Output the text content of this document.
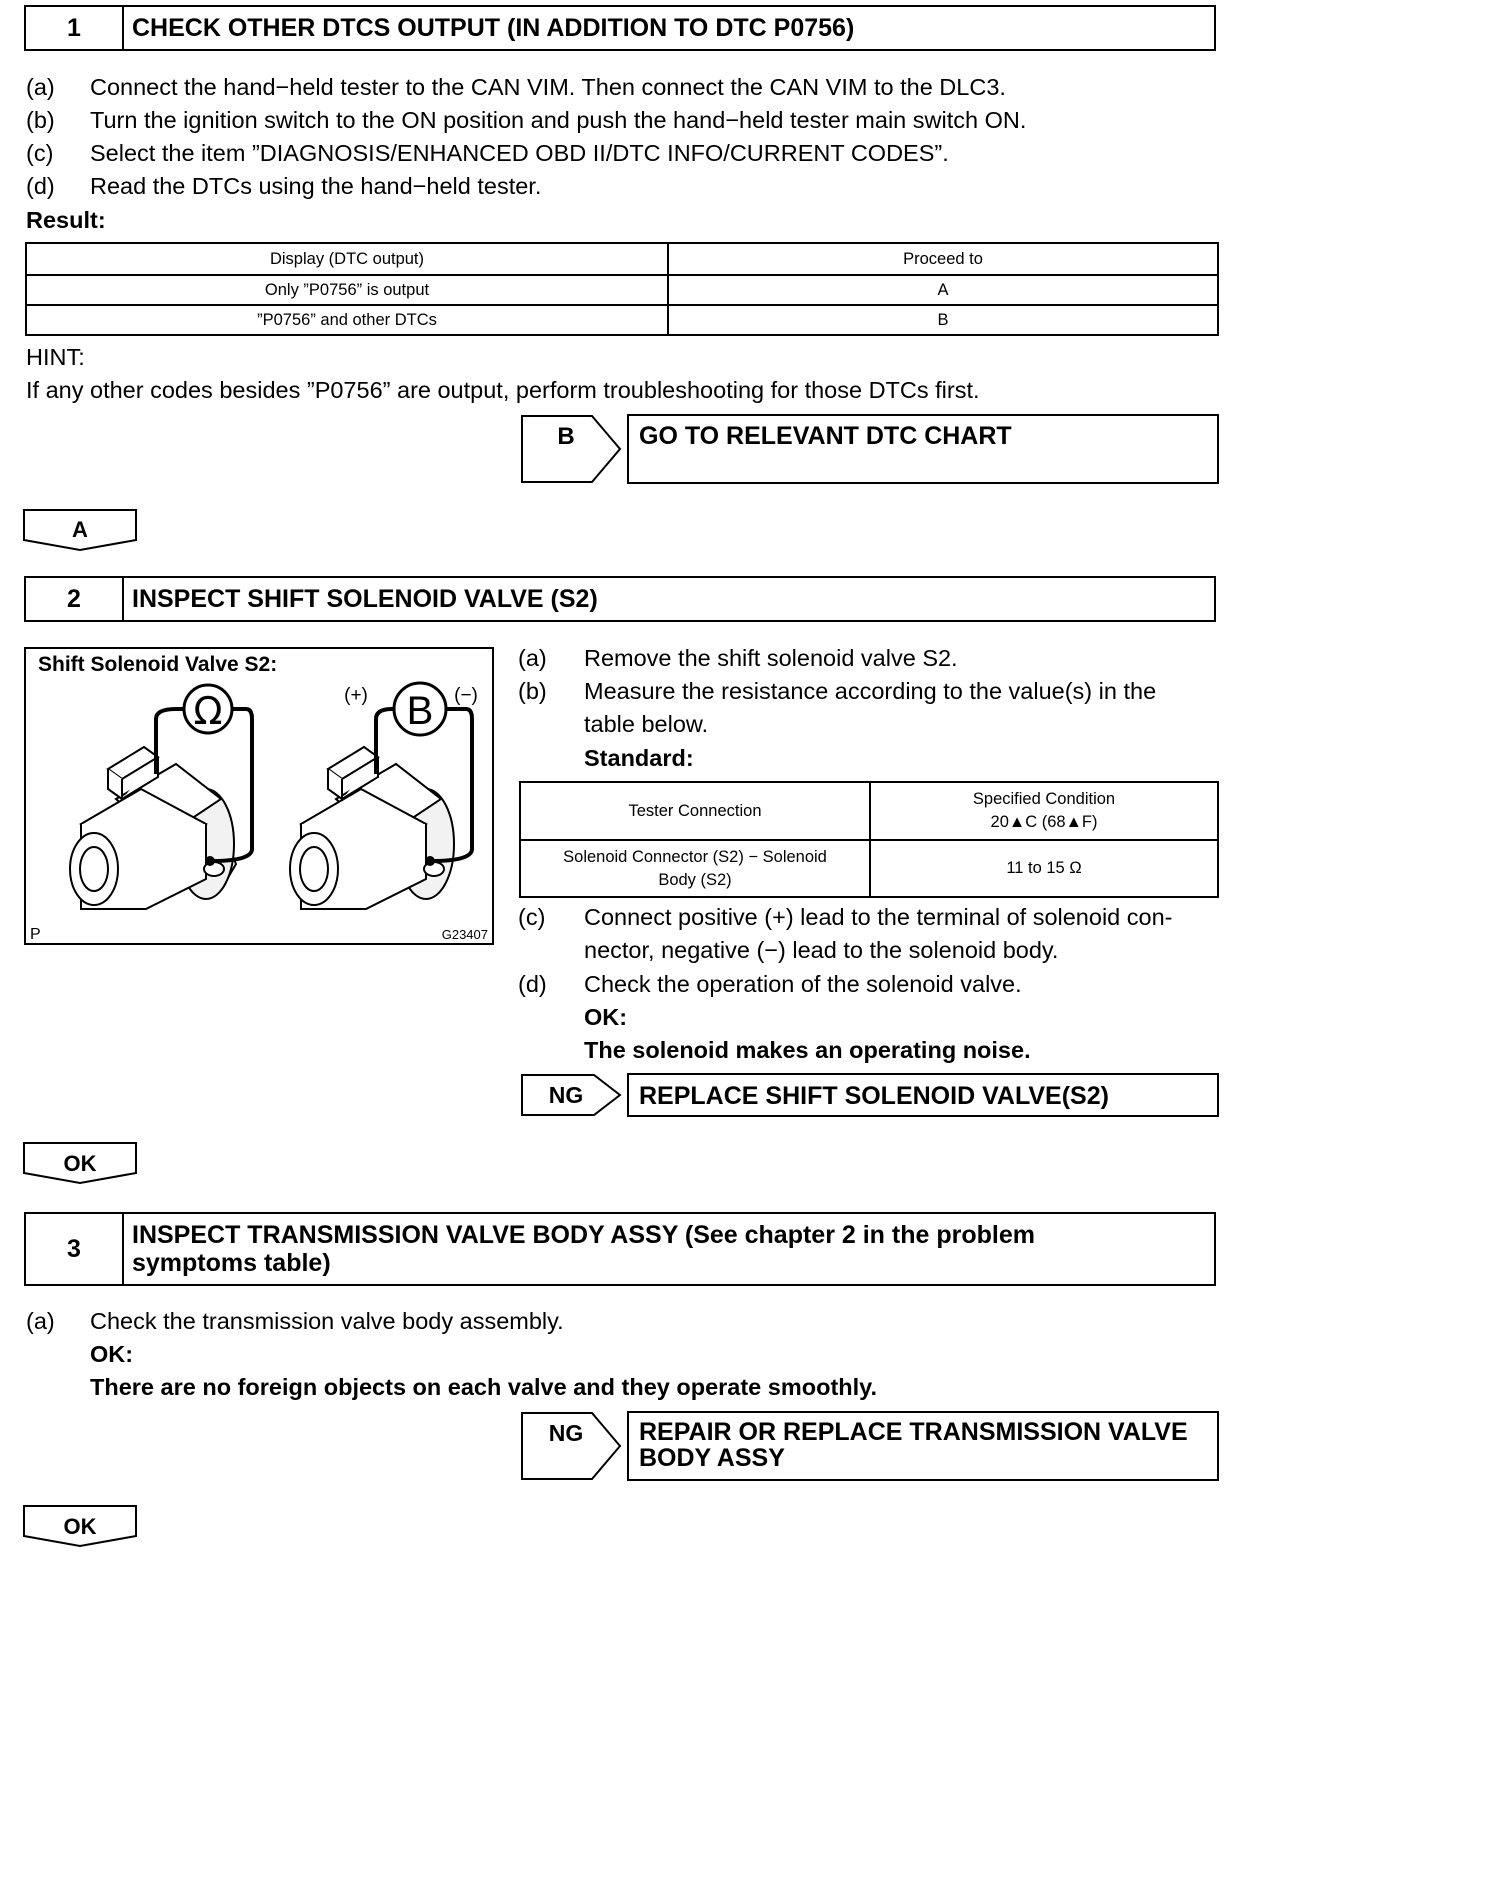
1	CHECK OTHER DTCS OUTPUT (IN ADDITION TO DTC P0756)
(a) Connect the hand−held tester to the CAN VIM. Then connect the CAN VIM to the DLC3.
(b) Turn the ignition switch to the ON position and push the hand−held tester main switch ON.
(c) Select the item ”DIAGNOSIS/ENHANCED OBD II/DTC INFO/CURRENT CODES”.
(d) Read the DTCs using the hand−held tester.
Result:
Display (DTC output)	Proceed to
Only ”P0756” is output	A
”P0756” and other DTCs	B
HINT:
If any other codes besides ”P0756” are output, perform troubleshooting for those DTCs first.
B	GO TO RELEVANT DTC CHART
A
2	INSPECT SHIFT SOLENOID VALVE (S2)
Shift Solenoid Valve S2:
Ω	B
(+)	(−)
P	G23407
(a) Remove the shift solenoid valve S2.
(b) Measure the resistance according to the value(s) in the
table below.
Standard:
Tester Connection	Specified Condition
20▲C (68▲F)

Solenoid Connector (S2) − Solenoid
Body (S2)	11 to 15 Ω
(c) Connect positive (+) lead to the terminal of solenoid con-
nector, negative (−) lead to the solenoid body.
(d) Check the operation of the solenoid valve.
OK:
The solenoid makes an operating noise.
NG REPLACE SHIFT SOLENOID VALVE(S2)
OK
3	INSPECT TRANSMISSION VALVE BODY ASSY (See chapter 2 in the problem
symptoms table)
(a) Check the transmission valve body assembly.
OK:
There are no foreign objects on each valve and they operate smoothly.
NG REPAIR OR REPLACE TRANSMISSION VALVE
BODY ASSY
OK
